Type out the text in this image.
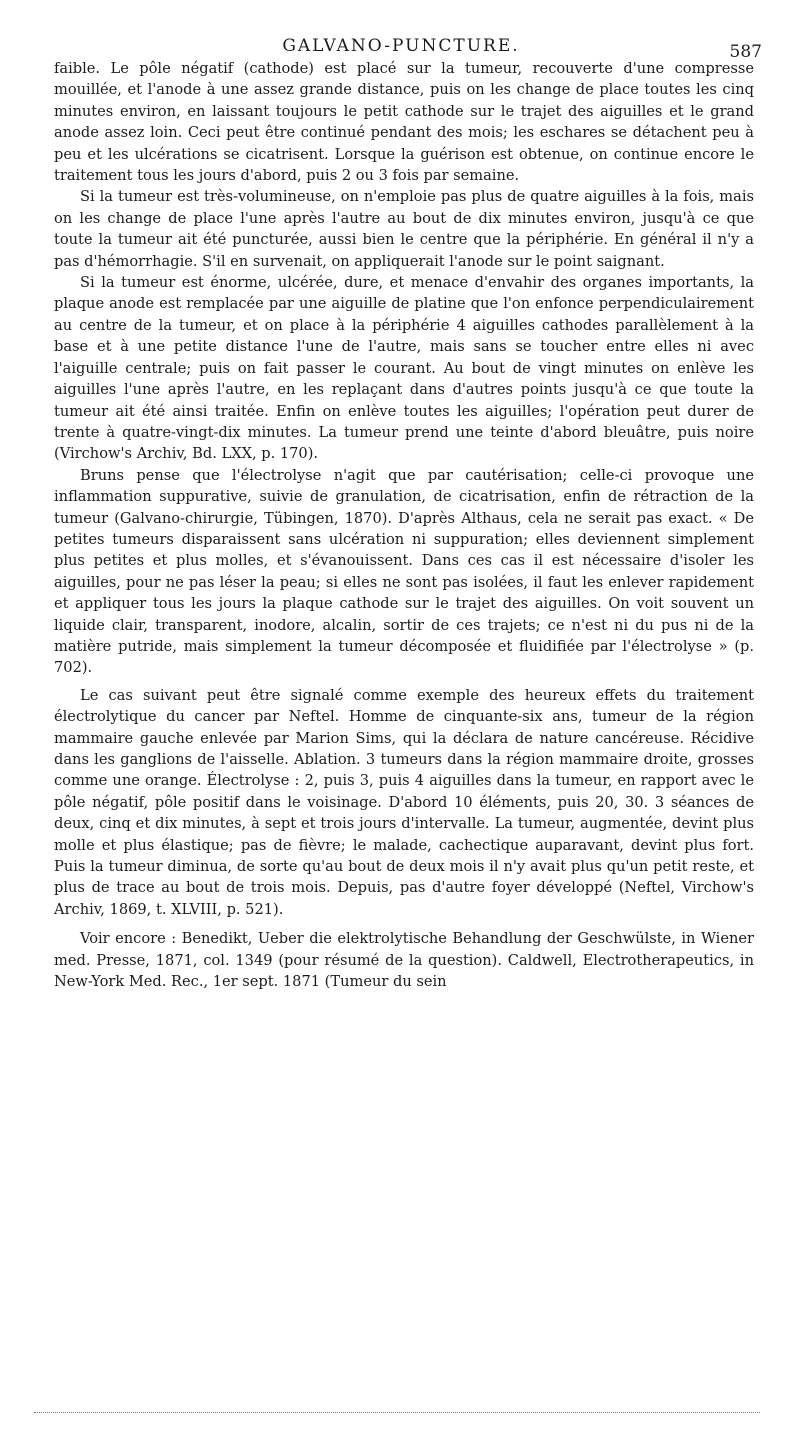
GALVANO-PUNCTURE.	587

faible. Le pôle négatif (cathode) est placé sur la tumeur, recouverte d'une compresse mouillée, et l'anode à une assez grande distance, puis on les change de place toutes les cinq minutes environ, en laissant toujours le petit cathode sur le trajet des aiguilles et le grand anode assez loin. Ceci peut être continué pendant des mois; les eschares se détachent peu à peu et les ulcérations se cicatrisent. Lorsque la guérison est obtenue, on continue encore le traitement tous les jours d'abord, puis 2 ou 3 fois par semaine.

Si la tumeur est très-volumineuse, on n'emploie pas plus de quatre aiguilles à la fois, mais on les change de place l'une après l'autre au bout de dix minutes environ, jusqu'à ce que toute la tumeur ait été puncturée, aussi bien le centre que la périphérie. En général il n'y a pas d'hémorrhagie. S'il en survenait, on appliquerait l'anode sur le point saignant.

Si la tumeur est énorme, ulcérée, dure, et menace d'envahir des organes importants, la plaque anode est remplacée par une aiguille de platine que l'on enfonce perpendiculairement au centre de la tumeur, et on place à la périphérie 4 aiguilles cathodes parallèlement à la base et à une petite distance l'une de l'autre, mais sans se toucher entre elles ni avec l'aiguille centrale; puis on fait passer le courant. Au bout de vingt minutes on enlève les aiguilles l'une après l'autre, en les replaçant dans d'autres points jusqu'à ce que toute la tumeur ait été ainsi traitée. Enfin on enlève toutes les aiguilles; l'opération peut durer de trente à quatre-vingt-dix minutes. La tumeur prend une teinte d'abord bleuâtre, puis noire (Virchow's Archiv, Bd. LXX, p. 170).

Bruns pense que l'électrolyse n'agit que par cautérisation; celle-ci provoque une inflammation suppurative, suivie de granulation, de cicatrisation, enfin de rétraction de la tumeur (Galvano-chirurgie, Tübingen, 1870). D'après Althaus, cela ne serait pas exact. « De petites tumeurs disparaissent sans ulcération ni suppuration; elles deviennent simplement plus petites et plus molles, et s'évanouissent. Dans ces cas il est nécessaire d'isoler les aiguilles, pour ne pas léser la peau; si elles ne sont pas isolées, il faut les enlever rapidement et appliquer tous les jours la plaque cathode sur le trajet des aiguilles. On voit souvent un liquide clair, transparent, inodore, alcalin, sortir de ces trajets; ce n'est ni du pus ni de la matière putride, mais simplement la tumeur décomposée et fluidifiée par l'électrolyse » (p. 702).

Le cas suivant peut être signalé comme exemple des heureux effets du traitement électrolytique du cancer par Neftel. Homme de cinquante-six ans, tumeur de la région mammaire gauche enlevée par Marion Sims, qui la déclara de nature cancéreuse. Récidive dans les ganglions de l'aisselle. Ablation. 3 tumeurs dans la région mammaire droite, grosses comme une orange. Électrolyse : 2, puis 3, puis 4 aiguilles dans la tumeur, en rapport avec le pôle négatif, pôle positif dans le voisinage. D'abord 10 éléments, puis 20, 30. 3 séances de deux, cinq et dix minutes, à sept et trois jours d'intervalle. La tumeur, augmentée, devint plus molle et plus élastique; pas de fièvre; le malade, cachectique auparavant, devint plus fort. Puis la tumeur diminua, de sorte qu'au bout de deux mois il n'y avait plus qu'un petit reste, et plus de trace au bout de trois mois. Depuis, pas d'autre foyer développé (Neftel, Virchow's Archiv, 1869, t. XLVIII, p. 521).

Voir encore : Benedikt, Ueber die elektrolytische Behandlung der Geschwülste, in Wiener med. Presse, 1871, col. 1349 (pour résumé de la question). Caldwell, Electrotherapeutics, in New-York Med. Rec., 1er sept. 1871 (Tumeur du sein
